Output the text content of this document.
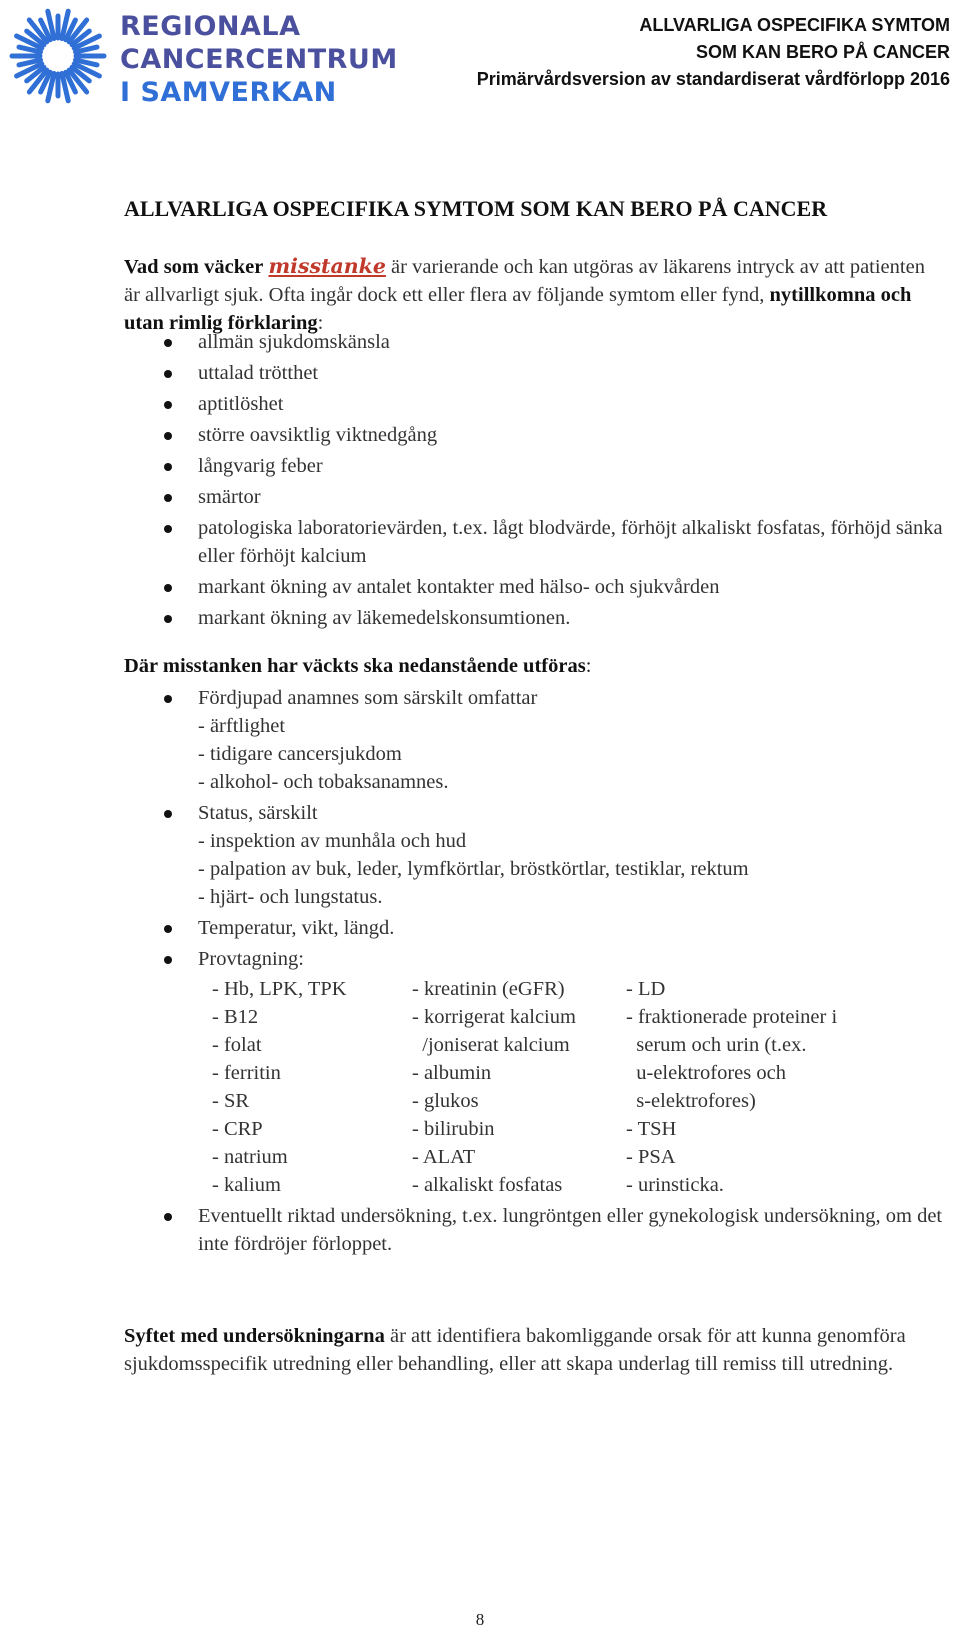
REGIONALA
CANCERCENTRUM
I SAMVERKAN
ALLVARLIGA OSPECIFIKA SYMTOM
SOM KAN BERO PÅ CANCER
Primärvårdsversion av standardiserat vårdförlopp 2016
ALLVARLIGA OSPECIFIKA SYMTOM SOM KAN BERO PÅ CANCER
Vad som väcker misstanke är varierande och kan utgöras av läkarens intryck av att patienten är allvarligt sjuk. Ofta ingår dock ett eller flera av följande symtom eller fynd, nytillkomna och utan rimlig förklaring:
allmän sjukdomskänsla
uttalad trötthet
aptitlöshet
större oavsiktlig viktnedgång
långvarig feber
smärtor
patologiska laboratorievärden, t.ex. lågt blodvärde, förhöjt alkaliskt fosfatas, förhöjd sänka eller förhöjt kalcium
markant ökning av antalet kontakter med hälso- och sjukvården
markant ökning av läkemedelskonsumtionen.
Där misstanken har väckts ska nedanstående utföras:
Fördjupad anamnes som särskilt omfattar
- ärftlighet
- tidigare cancersjukdom
- alkohol- och tobaksanamnes.
Status, särskilt
- inspektion av munhåla och hud
- palpation av buk, leder, lymfkörtlar, bröstkörtlar, testiklar, rektum
- hjärt- och lungstatus.
Temperatur, vikt, längd.
Provtagning:
- Hb, LPK, TPK	- kreatinin (eGFR)	- LD
- B12	- korrigerat kalcium	- fraktionerade proteiner i
- folat	/joniserat kalcium	serum och urin (t.ex.
- ferritin	- albumin	u-elektrofores och
- SR	- glukos	s-elektrofores)
- CRP	- bilirubin	- TSH
- natrium	- ALAT	- PSA
- kalium	- alkaliskt fosfatas	- urinsticka.
Eventuellt riktad undersökning, t.ex. lungröntgen eller gynekologisk undersökning, om det inte fördröjer förloppet.
Syftet med undersökningarna är att identifiera bakomliggande orsak för att kunna genomföra sjukdomsspecifik utredning eller behandling, eller att skapa underlag till remiss till utredning.
8
